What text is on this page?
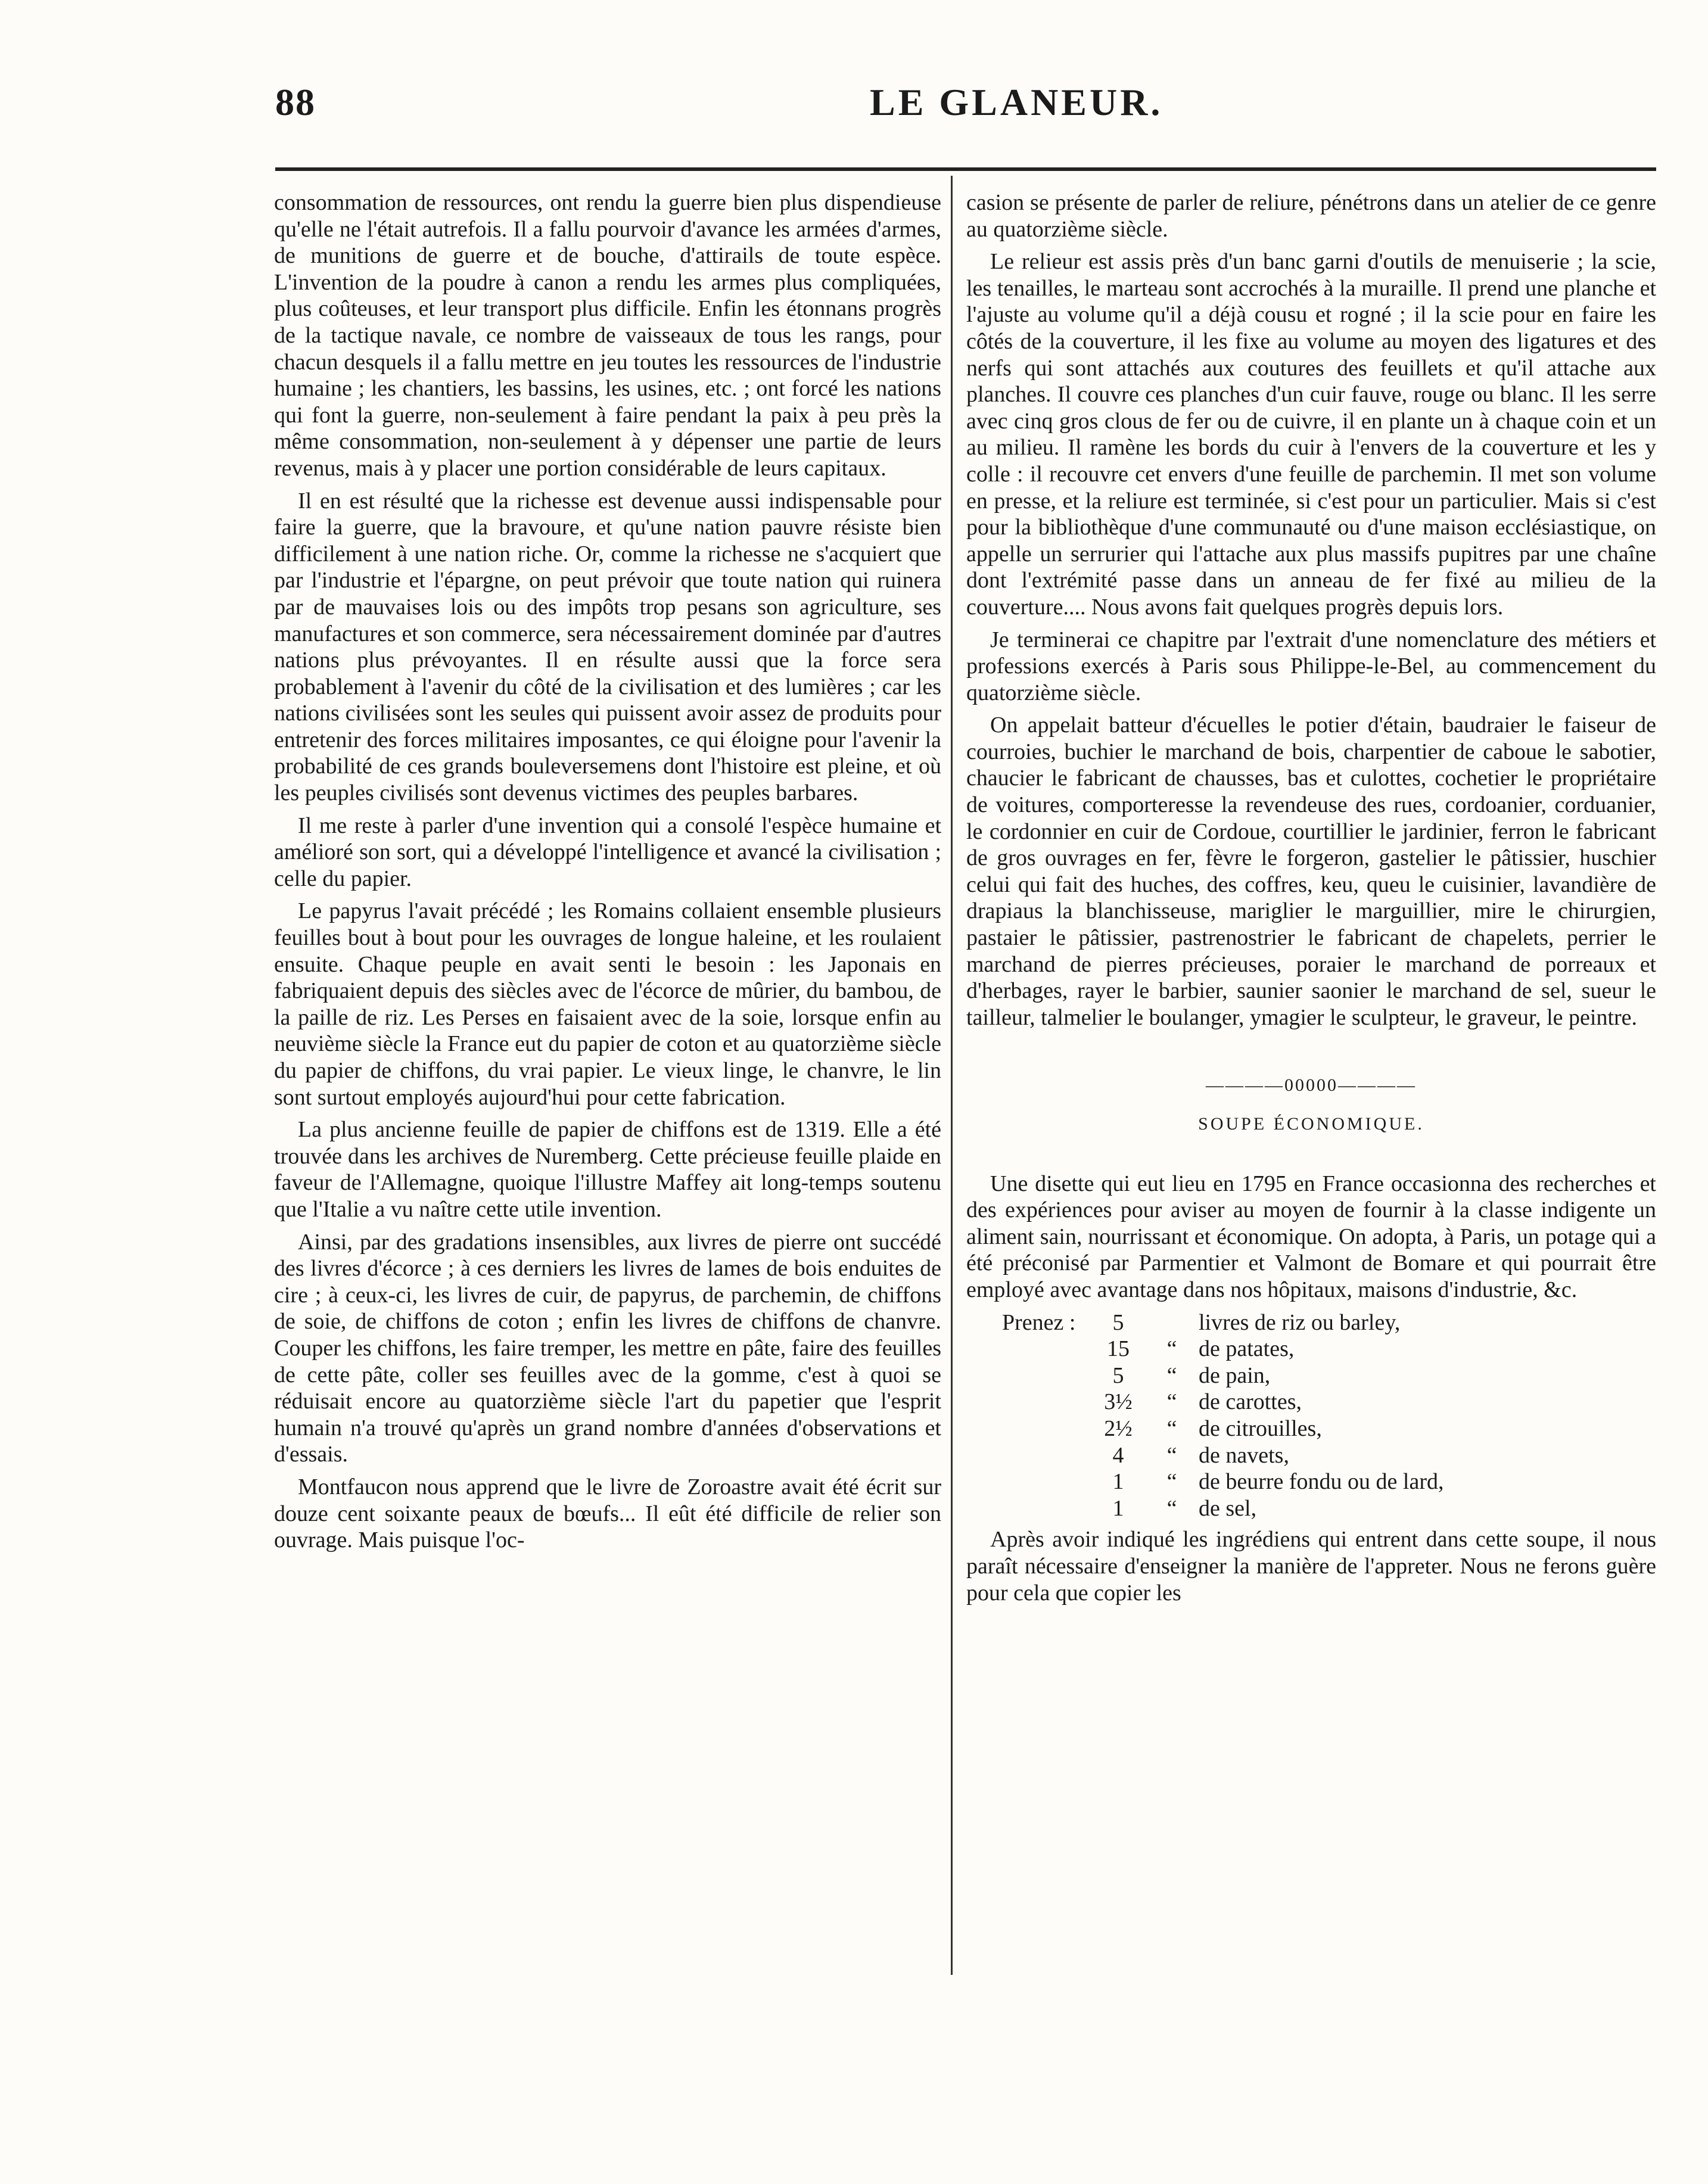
88	LE GLANEUR.

consommation de ressources, ont rendu la guerre bien plus dispendieuse qu'elle ne l'était autrefois. Il a fallu pourvoir d'avance les armées d'armes, de munitions de guerre et de bouche, d'attirails de toute espèce. L'invention de la poudre à canon a rendu les armes plus compliquées, plus coûteuses, et leur transport plus difficile. Enfin les étonnans progrès de la tactique navale, ce nombre de vaisseaux de tous les rangs, pour chacun desquels il a fallu mettre en jeu toutes les ressources de l'industrie humaine ; les chantiers, les bassins, les usines, etc. ; ont forcé les nations qui font la guerre, non-seulement à faire pendant la paix à peu près la même consommation, non-seulement à y dépenser une partie de leurs revenus, mais à y placer une portion considérable de leurs capitaux.

Il en est résulté que la richesse est devenue aussi indispensable pour faire la guerre, que la bravoure, et qu'une nation pauvre résiste bien difficilement à une nation riche. Or, comme la richesse ne s'acquiert que par l'industrie et l'épargne, on peut prévoir que toute nation qui ruinera par de mauvaises lois ou des impôts trop pesans son agriculture, ses manufactures et son commerce, sera nécessairement dominée par d'autres nations plus prévoyantes. Il en résulte aussi que la force sera probablement à l'avenir du côté de la civilisation et des lumières ; car les nations civilisées sont les seules qui puissent avoir assez de produits pour entretenir des forces militaires imposantes, ce qui éloigne pour l'avenir la probabilité de ces grands bouleversemens dont l'histoire est pleine, et où les peuples civilisés sont devenus victimes des peuples barbares.

Il me reste à parler d'une invention qui a consolé l'espèce humaine et amélioré son sort, qui a développé l'intelligence et avancé la civilisation ; celle du papier.

Le papyrus l'avait précédé ; les Romains collaient ensemble plusieurs feuilles bout à bout pour les ouvrages de longue haleine, et les roulaient ensuite. Chaque peuple en avait senti le besoin : les Japonais en fabriquaient depuis des siècles avec de l'écorce de mûrier, du bambou, de la paille de riz. Les Perses en faisaient avec de la soie, lorsque enfin au neuvième siècle la France eut du papier de coton et au quatorzième siècle du papier de chiffons, du vrai papier. Le vieux linge, le chanvre, le lin sont surtout employés aujourd'hui pour cette fabrication.

La plus ancienne feuille de papier de chiffons est de 1319. Elle a été trouvée dans les archives de Nuremberg. Cette précieuse feuille plaide en faveur de l'Allemagne, quoique l'illustre Maffey ait long-temps soutenu que l'Italie a vu naître cette utile invention.

Ainsi, par des gradations insensibles, aux livres de pierre ont succédé des livres d'écorce ; à ces derniers les livres de lames de bois enduites de cire ; à ceux-ci, les livres de cuir, de papyrus, de parchemin, de chiffons de soie, de chiffons de coton ; enfin les livres de chiffons de chanvre. Couper les chiffons, les faire tremper, les mettre en pâte, faire des feuilles de cette pâte, coller ses feuilles avec de la gomme, c'est à quoi se réduisait encore au quatorzième siècle l'art du papetier que l'esprit humain n'a trouvé qu'après un grand nombre d'années d'observations et d'essais.

Montfaucon nous apprend que le livre de Zoroastre avait été écrit sur douze cent soixante peaux de bœufs... Il eût été difficile de relier son ouvrage. Mais puisque l'oc-

casion se présente de parler de reliure, pénétrons dans un atelier de ce genre au quatorzième siècle.

Le relieur est assis près d'un banc garni d'outils de menuiserie ; la scie, les tenailles, le marteau sont accrochés à la muraille. Il prend une planche et l'ajuste au volume qu'il a déjà cousu et rogné ; il la scie pour en faire les côtés de la couverture, il les fixe au volume au moyen des ligatures et des nerfs qui sont attachés aux coutures des feuillets et qu'il attache aux planches. Il couvre ces planches d'un cuir fauve, rouge ou blanc. Il les serre avec cinq gros clous de fer ou de cuivre, il en plante un à chaque coin et un au milieu. Il ramène les bords du cuir à l'envers de la couverture et les y colle : il recouvre cet envers d'une feuille de parchemin. Il met son volume en presse, et la reliure est terminée, si c'est pour un particulier. Mais si c'est pour la bibliothèque d'une communauté ou d'une maison ecclésiastique, on appelle un serrurier qui l'attache aux plus massifs pupitres par une chaîne dont l'extrémité passe dans un anneau de fer fixé au milieu de la couverture.... Nous avons fait quelques progrès depuis lors.

Je terminerai ce chapitre par l'extrait d'une nomenclature des métiers et professions exercés à Paris sous Philippe-le-Bel, au commencement du quatorzième siècle.

On appelait batteur d'écuelles le potier d'étain, baudraier le faiseur de courroies, buchier le marchand de bois, charpentier de caboue le sabotier, chaucier le fabricant de chausses, bas et culottes, cochetier le propriétaire de voitures, comporteresse la revendeuse des rues, cordoanier, corduanier, le cordonnier en cuir de Cordoue, courtillier le jardinier, ferron le fabricant de gros ouvrages en fer, fèvre le forgeron, gastelier le pâtissier, huschier celui qui fait des huches, des coffres, keu, queu le cuisinier, lavandière de drapiaus la blanchisseuse, mariglier le marguillier, mire le chirurgien, pastaier le pâtissier, pastrenostrier le fabricant de chapelets, perrier le marchand de pierres précieuses, poraier le marchand de porreaux et d'herbages, rayer le barbier, saunier saonier le marchand de sel, sueur le tailleur, talmelier le boulanger, ymagier le sculpteur, le graveur, le peintre.

————00000————
SOUPE ÉCONOMIQUE.

Une disette qui eut lieu en 1795 en France occasionna des recherches et des expériences pour aviser au moyen de fournir à la classe indigente un aliment sain, nourrissant et économique. On adopta, à Paris, un potage qui a été préconisé par Parmentier et Valmont de Bomare et qui pourrait être employé avec avantage dans nos hôpitaux, maisons d'industrie, &c.

Prenez :	5	livres de riz ou barley,
15	“ de patates,
5	“ de pain,
3½	“ de carottes,
2½	“ de citrouilles,
4	“ de navets,
1	“ de beurre fondu ou de lard,
1	“ de sel,

Après avoir indiqué les ingrédiens qui entrent dans cette soupe, il nous paraît nécessaire d'enseigner la manière de l'appreter. Nous ne ferons guère pour cela que copier les
